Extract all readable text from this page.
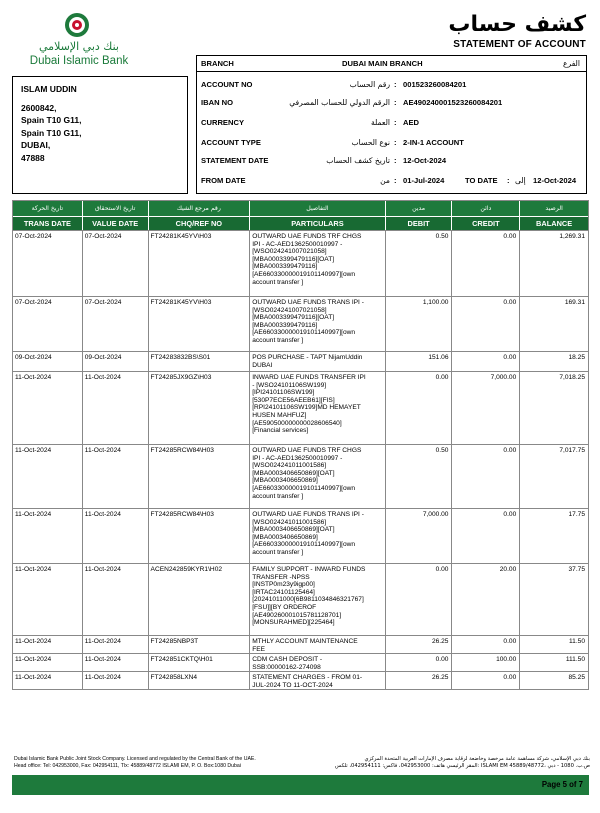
بنك دبي الإسلامي
Dubai Islamic Bank
كشف حساب
STATEMENT OF ACCOUNT
ISLAM UDDIN
2600842,
Spain T10 G11,
Spain T10 G11,
DUBAI,
47888
BRANCH	DUBAI MAIN BRANCH	الفرع
ACCOUNT NO	رقم الحساب : 001523260084201
IBAN NO	الرقم الدولي للحساب المصرفي : AE490240001523260084201
CURRENCY	العملة : AED
ACCOUNT TYPE	نوع الحساب : 2-IN-1 ACCOUNT
STATEMENT DATE	تاريخ كشف الحساب : 12-Oct-2024
FROM DATE	من : 01-Jul-2024	TO DATE : إلى 12-Oct-2024
تاريخ الحركة	تاريخ الاستحقاق	رقم مرجع الشيك	التفاصيل	مدين	دائن	الرصيد
TRANS DATE	VALUE DATE	CHQ/REF NO	PARTICULARS	DEBIT	CREDIT	BALANCE
07-Oct-2024	07-Oct-2024	FT24281K45YV\H03	OUTWARD UAE FUNDS TRF CHGS
IPI - AC-AED1362500010997 -
[WSO024241007021058]
[MBA0003399479116][OAT]
[MBA0003399479116]
[AE660330000019101140997][own
account transfer ]
0.50	0.00	1,269.31
07-Oct-2024	07-Oct-2024	FT24281K45YV\H03	OUTWARD UAE FUNDS TRANS IPI -
[WSO024241007021058]
[MBA0003399479116][OAT]
[MBA0003399479116]
[AE660330000019101140997][own
account transfer ]
1,100.00	0.00	169.31
09-Oct-2024	09-Oct-2024	FT24283832BS\S01	POS PURCHASE - TAPT NijamUddin
DUBAI
151.06	0.00	18.25
11-Oct-2024	11-Oct-2024	FT24285JX9GZ\H03	INWARD UAE FUNDS TRANSFER IPI
- [WSO24101106SW199]
[IPI24101106SW199]
[530P7ECE56AEEB61][FIS]
[RPI24101106SW199]MD HEMAYET
HUSEN MAHFUZ]
[AE590500000000028606540]
[Financial services]
0.00	7,000.00	7,018.25
11-Oct-2024	11-Oct-2024	FT24285RCW84\H03	OUTWARD UAE FUNDS TRF CHGS
IPI - AC-AED1362500010997 -
[WSO024241011001586]
[MBA0003406650869][OAT]
[MBA0003406650869]
[AE660330000019101140997][own
account transfer ]
0.50	0.00	7,017.75
11-Oct-2024	11-Oct-2024	FT24285RCW84\H03	OUTWARD UAE FUNDS TRANS IPI -
[WSO024241011001586]
[MBA0003406650869][OAT]
[MBA0003406650869]
[AE660330000019101140997][own
account transfer ]
7,000.00	0.00	17.75
11-Oct-2024	11-Oct-2024	ACEN242859KYR1\H02	FAMILY SUPPORT - INWARD FUNDS
TRANSFER -NPSS
[INSTP0m23y9igp00]
[IRTAC24101125464]
[20241011000[6B9811034846321767]
[FSU]][BY ORDEROF
[AE490260001015781128701]
[MONSURAHMED][225464]
0.00	20.00	37.75
11-Oct-2024	11-Oct-2024	FT24285NBP3T	MTHLY ACCOUNT MAINTENANCE
FEE
26.25	0.00	11.50
11-Oct-2024	11-Oct-2024	FT242851CKTQ\H01	CDM CASH DEPOSIT -
SSB:00000162-274098
0.00	100.00	111.50
11-Oct-2024	11-Oct-2024	FT242858LXN4	STATEMENT CHARGES - FROM 01-
JUL-2024 TO 11-OCT-2024
26.25	0.00	85.25
Dubai Islamic Bank Public Joint Stock Company. Licensed and regulated by the Central Bank of the UAE.
Head office: Tel: 042953000, Fax: 042954111, Tlx: 45889/48772 ISLAMI EM, P. O. Box:1080 Dubai
بنك دبي الإسلامي، شركة مساهمة عامة مرخصة وخاضعة لرقابة مصرف الإمارات العربية المتحدة المركزي
المقر الرئيسي هاتف: 042953000، فاكس: 042954111، تلكس: ISLAMI EM 45889/48772، ص.ب. 1080 - دبي
Page 5 of 7
